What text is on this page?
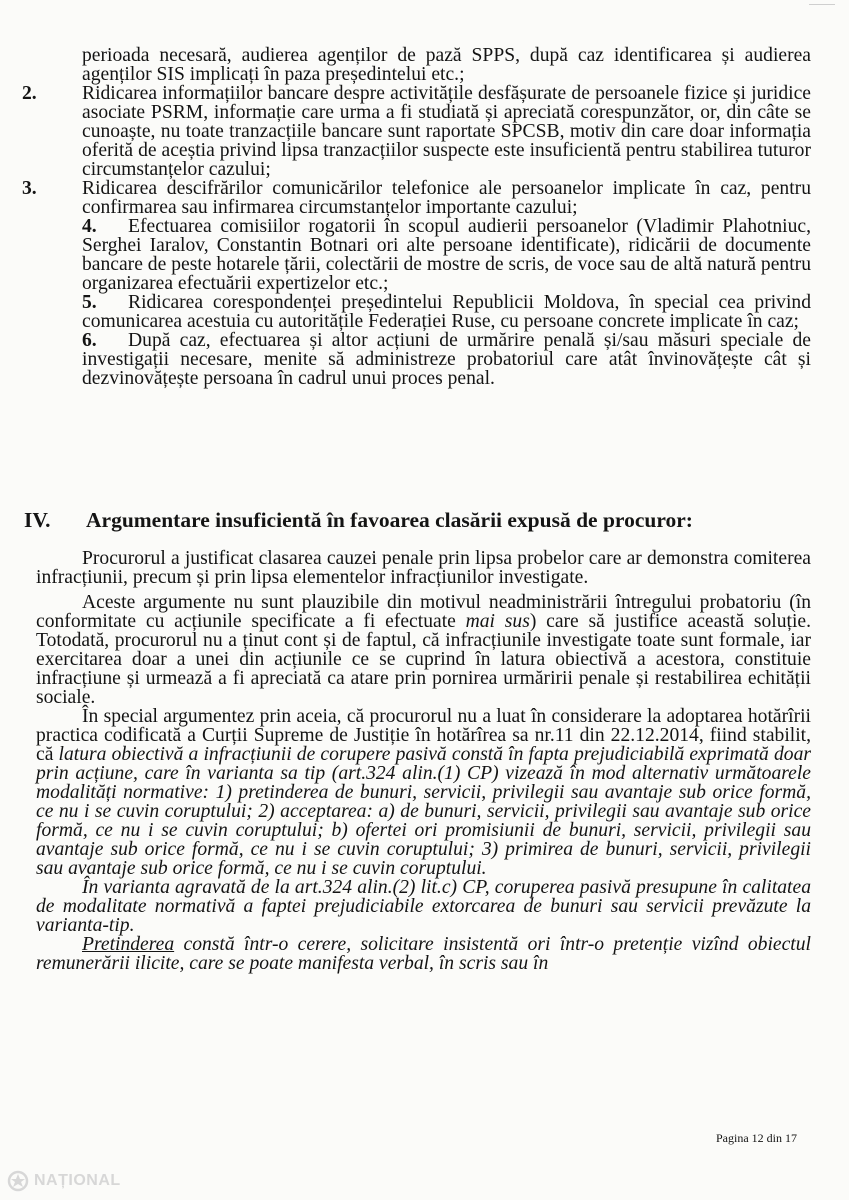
perioada necesară, audierea agenților de pază SPPS, după caz identificarea și audierea agenților SIS implicați în paza președintelui etc.;

2. Ridicarea informațiilor bancare despre activitățile desfășurate de persoanele fizice și juridice asociate PSRM, informație care urma a fi studiată și apreciată corespunzător, or, din câte se cunoaște, nu toate tranzacțiile bancare sunt raportate SPCSB, motiv din care doar informația oferită de aceștia privind lipsa tranzacțiilor suspecte este insuficientă pentru stabilirea tuturor circumstanțelor cazului;

3. Ridicarea descifrărilor comunicărilor telefonice ale persoanelor implicate în caz, pentru confirmarea sau infirmarea circumstanțelor importante cazului;

4. Efectuarea comisiilor rogatorii în scopul audierii persoanelor (Vladimir Plahotniuc, Serghei Iaralov, Constantin Botnari ori alte persoane identificate), ridicării de documente bancare de peste hotarele țării, colectării de mostre de scris, de voce sau de altă natură pentru organizarea efectuării expertizelor etc.;

5. Ridicarea corespondenței președintelui Republicii Moldova, în special cea privind comunicarea acestuia cu autoritățile Federației Ruse, cu persoane concrete implicate în caz;

6. După caz, efectuarea și altor acțiuni de urmărire penală și/sau măsuri speciale de investigații necesare, menite să administreze probatoriul care atât învinovățește cât și dezvinovățește persoana în cadrul unui proces penal.

IV. Argumentare insuficientă în favoarea clasării expusă de procuror:

Procurorul a justificat clasarea cauzei penale prin lipsa probelor care ar demonstra comiterea infracțiunii, precum și prin lipsa elementelor infracțiunilor investigate.

Aceste argumente nu sunt plauzibile din motivul neadministrării întregului probatoriu (în conformitate cu acțiunile specificate a fi efectuate mai sus) care să justifice această soluție. Totodată, procurorul nu a ținut cont și de faptul, că infracțiunile investigate toate sunt formale, iar exercitarea doar a unei din acțiunile ce se cuprind în latura obiectivă a acestora, constituie infracțiune și urmează a fi apreciată ca atare prin pornirea urmăririi penale și restabilirea echității sociale.

În special argumentez prin aceia, că procurorul nu a luat în considerare la adoptarea hotărîrii practica codificată a Curții Supreme de Justiție în hotărîrea sa nr.11 din 22.12.2014, fiind stabilit, că latura obiectivă a infracțiunii de corupere pasivă constă în fapta prejudiciabilă exprimată doar prin acțiune, care în varianta sa tip (art.324 alin.(1) CP) vizează în mod alternativ următoarele modalități normative: 1) pretinderea de bunuri, servicii, privilegii sau avantaje sub orice formă, ce nu i se cuvin coruptului; 2) acceptarea: a) de bunuri, servicii, privilegii sau avantaje sub orice formă, ce nu i se cuvin coruptului; b) ofertei ori promisiunii de bunuri, servicii, privilegii sau avantaje sub orice formă, ce nu i se cuvin coruptului; 3) primirea de bunuri, servicii, privilegii sau avantaje sub orice formă, ce nu i se cuvin coruptului.

În varianta agravată de la art.324 alin.(2) lit.c) CP, coruperea pasivă presupune în calitatea de modalitate normativă a faptei prejudiciabile extorcarea de bunuri sau servicii prevăzute la varianta-tip.

Pretinderea constă într-o cerere, solicitare insistentă ori într-o pretenție vizînd obiectul remunerării ilicite, care se poate manifesta verbal, în scris sau în

Pagina 12 din 17
NAȚIONAL
